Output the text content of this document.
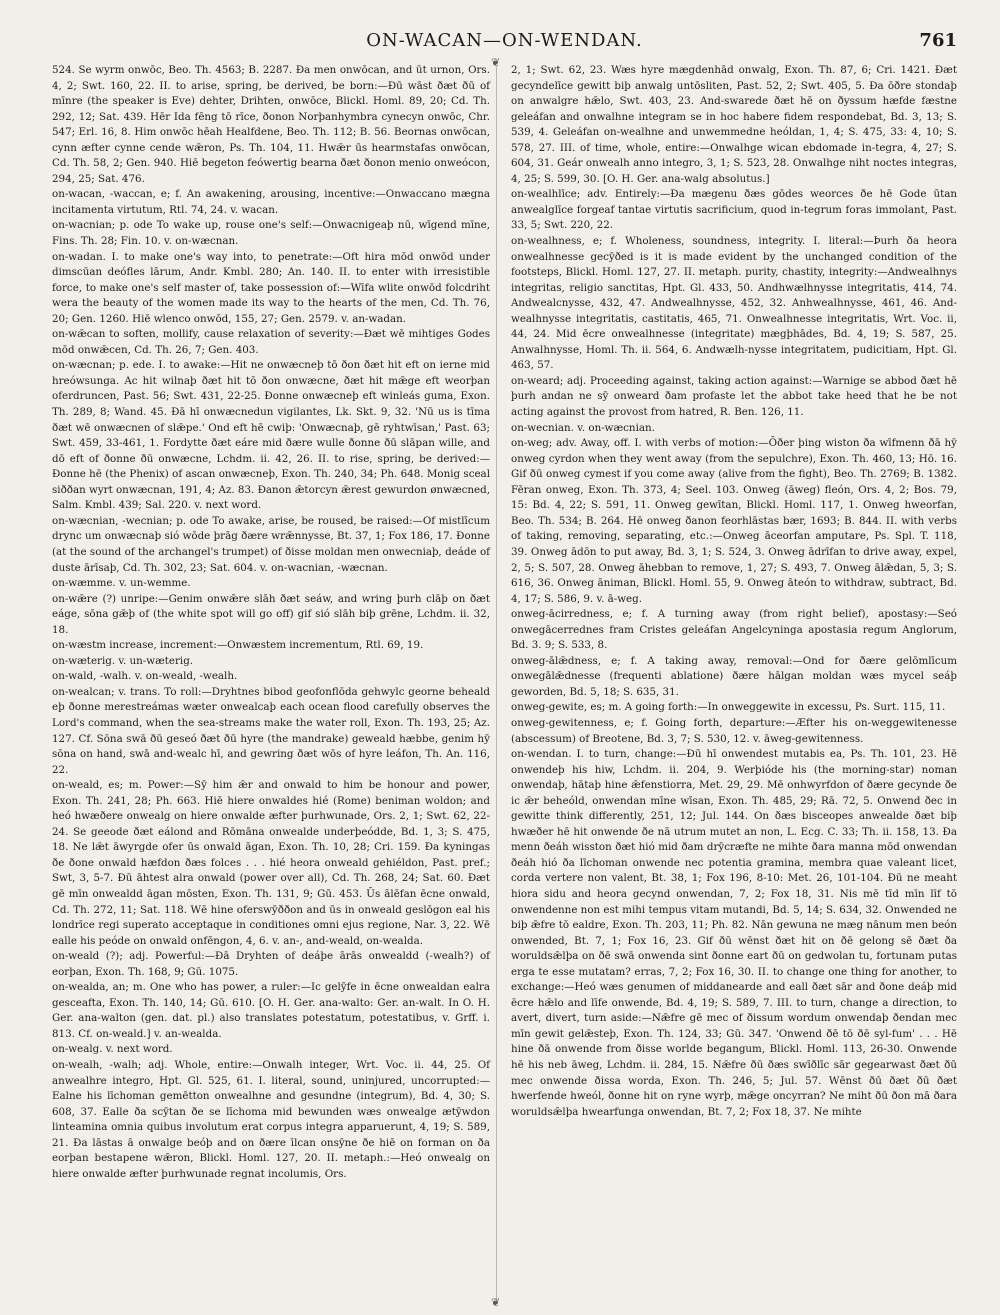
ON-WACAN—ON-WENDAN.	761
❦
❦

524. Se wyrm onwōc, Beo. Th. 4563; B. 2287. Ða men onwōcan, and ūt urnon, Ors. 4, 2; Swt. 160, 22. II. to arise, spring, be derived, be born:—Ðū wāst ðæt ðū of mīnre (the speaker is Eve) dehter, Drihten, onwōce, Blickl. Homl. 89, 20; Cd. Th. 292, 12; Sat. 439. Hēr Ida fēng tō rīce, ðonon Norþanhymbra cynecyn onwōc, Chr. 547; Erl. 16, 8. Him onwōc hēah Healfdene, Beo. Th. 112; B. 56. Beornas onwōcan, cynn æfter cynne cende wǣron, Ps. Th. 104, 11. Hwǣr ūs hearmstafas onwōcan, Cd. Th. 58, 2; Gen. 940. Hiē begeton feówertig bearna ðæt ðonon menio onweócon, 294, 25; Sat. 476.

on-wacan, -waccan, e; f. An awakening, arousing, incentive:—Onwaccano mægna incitamenta virtutum, Rtl. 74, 24. v. wacan.

on-wacnian; p. ode To wake up, rouse one's self:—Onwacnigeaþ nū, wīgend mīne, Fins. Th. 28; Fin. 10. v. on-wæcnan.

on-wadan. I. to make one's way into, to penetrate:—Oft hira mōd onwōd under dimscūan deófles lārum, Andr. Kmbl. 280; An. 140. II. to enter with irresistible force, to make one's self master of, take possession of:—Wīfa wlite onwōd folcdriht wera the beauty of the women made its way to the hearts of the men, Cd. Th. 76, 20; Gen. 1260. Hiē wlenco onwōd, 155, 27; Gen. 2579. v. an-wadan.

on-wǣcan to soften, mollify, cause relaxation of severity:—Ðæt wē mihtiges Godes mōd onwǣcen, Cd. Th. 26, 7; Gen. 403.

on-wæcnan; p. ede. I. to awake:—Hit ne onwæcneþ tō ðon ðæt hit eft on ierne mid hreówsunga. Ac hit wilnaþ ðæt hit tō ðon onwæcne, ðæt hit mǣge eft weorþan oferdruncen, Past. 56; Swt. 431, 22-25. Ðonne onwæcneþ eft winleás guma, Exon. Th. 289, 8; Wand. 45. Ðā hī onwæcnedun vigilantes, Lk. Skt. 9, 32. 'Nū us is tīma ðæt wē onwæcnen of slǣpe.' Ond eft hē cwiþ: 'Onwæcnaþ, gē ryhtwīsan,' Past. 63; Swt. 459, 33-461, 1. Fordytte ðæt eáre mid ðære wulle ðonne ðū slāpan wille, and dō eft of ðonne ðū onwæcne, Lchdm. ii. 42, 26. II. to rise, spring, be derived:—Ðonne hē (the Phenix) of ascan onwæcneþ, Exon. Th. 240, 34; Ph. 648. Monig sceal siððan wyrt onwæcnan, 191, 4; Az. 83. Ðanon ǣtorcyn ǣrest gewurdon ønwæcned, Salm. Kmbl. 439; Sal. 220. v. next word.

on-wæcnian, -wecnian; p. ode To awake, arise, be roused, be raised:—Of mistlīcum drync um onwæcnaþ sió wōde þrāg ðære wrǣnnysse, Bt. 37, 1; Fox 186, 17. Ðonne (at the sound of the archangel's trumpet) of ðisse moldan men onwecniaþ, deáde of duste ārīsaþ, Cd. Th. 302, 23; Sat. 604. v. on-wacnian, -wæcnan.

on-wæmme. v. un-wemme.

on-wǣre (?) unripe:—Genim onwǣre slāh ðæt seáw, and wring þurh clāþ on ðæt eáge, sōna gǣþ of (the white spot will go off) gif sió slāh biþ grēne, Lchdm. ii. 32, 18.

on-wæstm increase, increment:—Onwæstem incrementum, Rtl. 69, 19.

on-wæterig. v. un-wæterig.

on-wald, -walh. v. on-weald, -wealh.

on-wealcan; v. trans. To roll:—Dryhtnes bibod geofonflōda gehwylc georne beheald eþ ðonne merestreámas wæter onwealcaþ each ocean flood carefully observes the Lord's command, when the sea-streams make the water roll, Exon. Th. 193, 25; Az. 127. Cf. Sōna swā ðū geseó ðæt ðū hyre (the mandrake) geweald hæbbe, genim hȳ sōna on hand, swā and-wealc hī, and gewring ðæt wōs of hyre leáfon, Th. An. 116, 22.

on-weald, es; m. Power:—Sȳ him ǣr and onwald to him be honour and power, Exon. Th. 241, 28; Ph. 663. Hiē hiere onwaldes hié (Rome) beniman woldon; and heó hwæðere onwealg on hiere onwalde æfter þurhwunade, Ors. 2, 1; Swt. 62, 22-24. Se geeode ðæt eálond and Rōmāna onwealde underþeódde, Bd. 1, 3; S. 475, 18. Ne lǣt āwyrgde ofer ūs onwald āgan, Exon. Th. 10, 28; Cri. 159. Ða kyningas ðe ðone onwald hæfdon ðæs folces . . . hié heora onweald gehiéldon, Past. pref.; Swt, 3, 5-7. Ðū āhtest alra onwald (power over all), Cd. Th. 268, 24; Sat. 60. Ðæt gē mīn onwealdd āgan mōsten, Exon. Th. 131, 9; Gū. 453. Ūs ālēfan ēcne onwald, Cd. Th. 272, 11; Sat. 118. Wē hine oferswȳððon and ūs in onweald geslōgon eal his londrīce regi superato acceptaque in conditiones omni ejus regione, Nar. 3, 22. Wē ealle his peóde on onwald onfēngon, 4, 6. v. an-, and-weald, on-wealda.

on-weald (?); adj. Powerful:—Ðā Dryhten of deáþe ārās onwealdd (-wealh?) of eorþan, Exon. Th. 168, 9; Gū. 1075.

on-wealda, an; m. One who has power, a ruler:—Ic gelȳfe in ēcne onwealdan ealra gesceafta, Exon. Th. 140, 14; Gū. 610. [O. H. Ger. ana-walto: Ger. an-walt. In O. H. Ger. ana-walton (gen. dat. pl.) also translates potestatum, potestatibus, v. Grff. i. 813. Cf. on-weald.] v. an-wealda.

on-wealg. v. next word.

on-wealh, -walh; adj. Whole, entire:—Onwalh integer, Wrt. Voc. ii. 44, 25. Of anwealhre integro, Hpt. Gl. 525, 61. I. literal, sound, uninjured, uncorrupted:—Ealne his līchoman gemētton onwealhne and gesundne (integrum), Bd. 4, 30; S. 608, 37. Ealle ða scȳtan ðe se līchoma mid bewunden wæs onwealge ætȳwdon linteamina omnia quibus involutum erat corpus integra apparuerunt, 4, 19; S. 589, 21. Ða lāstas ā onwalge beóþ and on ðære īlcan onsȳne ðe hiē on forman on ða eorþan bestapene wǣron, Blickl. Homl. 127, 20. II. metaph.:—Heó onwealg on hiere onwalde æfter þurhwunade regnat incolumis, Ors.

2, 1; Swt. 62, 23. Wæs hyre mægdenhād onwalg, Exon. Th. 87, 6; Cri. 1421. Ðæt gecyndelīce gewitt biþ anwalg untōsliten, Past. 52, 2; Swt. 405, 5. Ða ōðre stondaþ on anwalgre hǣlo, Swt. 403, 23. And-swarede ðæt hē on ðyssum hæfde fæstne geleáfan and onwalhne integram se in hoc habere fidem respondebat, Bd. 3, 13; S. 539, 4. Geleáfan on-wealhne and unwemmedne heóldan, 1, 4; S. 475, 33: 4, 10; S. 578, 27. III. of time, whole, entire:—Onwalhge wican ebdomade in-tegra, 4, 27; S. 604, 31. Geár onwealh anno integro, 3, 1; S. 523, 28. Onwalhge niht noctes integras, 4, 25; S. 599, 30. [O. H. Ger. ana-walg absolutus.]

on-wealhlīce; adv. Entirely:—Ða mægenu ðæs gōdes weorces ðe hē Gode ūtan anwealglīce forgeaf tantae virtutis sacrificium, quod in-tegrum foras immolant, Past. 33, 5; Swt. 220, 22.

on-wealhness, e; f. Wholeness, soundness, integrity. I. literal:—Þurh ða heora onwealhnesse gecȳðed is it is made evident by the unchanged condition of the footsteps, Blickl. Homl. 127, 27. II. metaph. purity, chastity, integrity:—Andwealhnys integritas, religio sanctitas, Hpt. Gl. 433, 50. Andhwælhnysse integritatis, 414, 74. Andwealcnysse, 432, 47. Andwealhnysse, 452, 32. Anhwealhnysse, 461, 46. And-wealhnysse integritatis, castitatis, 465, 71. Onwealhnesse integritatis, Wrt. Voc. ii, 44, 24. Mid ēcre onwealhnesse (integritate) mægþhādes, Bd. 4, 19; S. 587, 25. Anwalhnysse, Homl. Th. ii. 564, 6. Andwælh-nysse integritatem, pudicitiam, Hpt. Gl. 463, 57.

on-weard; adj. Proceeding against, taking action against:—Warnige se abbod ðæt hē þurh andan ne sȳ onweard ðam profaste let the abbot take heed that he be not acting against the provost from hatred, R. Ben. 126, 11.

on-wecnian. v. on-wæcnian.

on-weg; adv. Away, off. I. with verbs of motion:—Ōðer þing wiston ða wīfmenn ðā hȳ onweg cyrdon when they went away (from the sepulchre), Exon. Th. 460, 13; Hō. 16. Gif ðū onweg cymest if you come away (alive from the fight), Beo. Th. 2769; B. 1382. Fēran onweg, Exon. Th. 373, 4; Seel. 103. Onweg (āweg) fleón, Ors. 4, 2; Bos. 79, 15: Bd. 4, 22; S. 591, 11. Onweg gewītan, Blickl. Homl. 117, 1. Onweg hweorfan, Beo. Th. 534; B. 264. Hē onweg ðanon feorhlāstas bær, 1693; B. 844. II. with verbs of taking, removing, separating, etc.:—Onweg āceorfan amputare, Ps. Spl. T. 118, 39. Onweg ādōn to put away, Bd. 3, 1; S. 524, 3. Onweg ādrīfan to drive away, expel, 2, 5; S. 507, 28. Onweg āhebban to remove, 1, 27; S. 493, 7. Onweg ālǣdan, 5, 3; S. 616, 36. Onweg āniman, Blickl. Homl. 55, 9. Onweg āteón to withdraw, subtract, Bd. 4, 17; S. 586, 9. v. ā-weg.

onweg-ācirredness, e; f. A turning away (from right belief), apostasy:—Seó onwegācerrednes fram Cristes geleáfan Angelcyninga apostasia regum Anglorum, Bd. 3. 9; S. 533, 8.

onweg-ālǣdness, e; f. A taking away, removal:—Ond for ðære gelōmlīcum onwegālǣdnesse (frequenti ablatione) ðære hālgan moldan wæs mycel seáþ geworden, Bd. 5, 18; S. 635, 31.

onweg-gewite, es; m. A going forth:—In onweggewite in excessu, Ps. Surt. 115, 11.

onweg-gewitenness, e; f. Going forth, departure:—Æfter his on-weggewitenesse (abscessum) of Breotene, Bd. 3, 7; S. 530, 12. v. āweg-gewitenness.

on-wendan. I. to turn, change:—Ðū hī onwendest mutabis ea, Ps. Th. 101, 23. Hē onwendeþ his hiw, Lchdm. ii. 204, 9. Werþióde his (the morning-star) noman onwendaþ, hātaþ hine ǣfenstiorra, Met. 29, 29. Mē onhwyrfdon of ðære gecynde ðe ic ǣr beheóld, onwendan mīne wīsan, Exon. Th. 485, 29; Rā. 72, 5. Onwend ðec in gewitte think differently, 251, 12; Jul. 144. On ðæs bisceopes anwealde ðæt biþ hwæðer hē hit onwende ðe nā utrum mutet an non, L. Ecg. C. 33; Th. ii. 158, 13. Ða menn ðeáh wisston ðæt hió mid ðam drȳcræfte ne mihte ðara manna mōd onwendan ðeáh hió ða līchoman onwende nec potentia gramina, membra quae valeant licet, corda vertere non valent, Bt. 38, 1; Fox 196, 8-10: Met. 26, 101-104. Ðū ne meaht hiora sidu and heora gecynd onwendan, 7, 2; Fox 18, 31. Nis mē tīd mīn līf tō onwendenne non est mihi tempus vitam mutandi, Bd. 5, 14; S. 634, 32. Onwended ne biþ ǣfre tō ealdre, Exon. Th. 203, 11; Ph. 82. Nān gewuna ne mæg nānum men beón onwended, Bt. 7, 1; Fox 16, 23. Gif ðū wēnst ðæt hit on ðē gelong sē ðæt ða woruldsǣlþa on ðē swā onwenda sint ðonne eart ðū on gedwolan tu, fortunam putas erga te esse mutatam? erras, 7, 2; Fox 16, 30. II. to change one thing for another, to exchange:—Heó wæs genumen of middanearde and eall ðæt sār and ðone deáþ mid ēcre hǣlo and līfe onwende, Bd. 4, 19; S. 589, 7. III. to turn, change a direction, to avert, divert, turn aside:—Nǣfre gē mec of ðissum wordum onwendaþ ðendan mec mīn gewit gelǣsteþ, Exon. Th. 124, 33; Gū. 347. 'Onwend ðē tō ðē syl-fum' . . . Hē hine ðā onwende from ðisse worlde begangum, Blickl. Homl. 113, 26-30. Onwende hē his neb āweg, Lchdm. ii. 284, 15. Nǣfre ðū ðæs swīðlīc sār gegearwast ðæt ðū mec onwende ðissa worda, Exon. Th. 246, 5; Jul. 57. Wēnst ðū ðæt ðū ðæt hwerfende hweól, ðonne hit on ryne wyrþ, mǣge oncyrran? Ne miht ðū ðon mā ðara woruldsǣlþa hwearfunga onwendan, Bt. 7, 2; Fox 18, 37. Ne mihte
